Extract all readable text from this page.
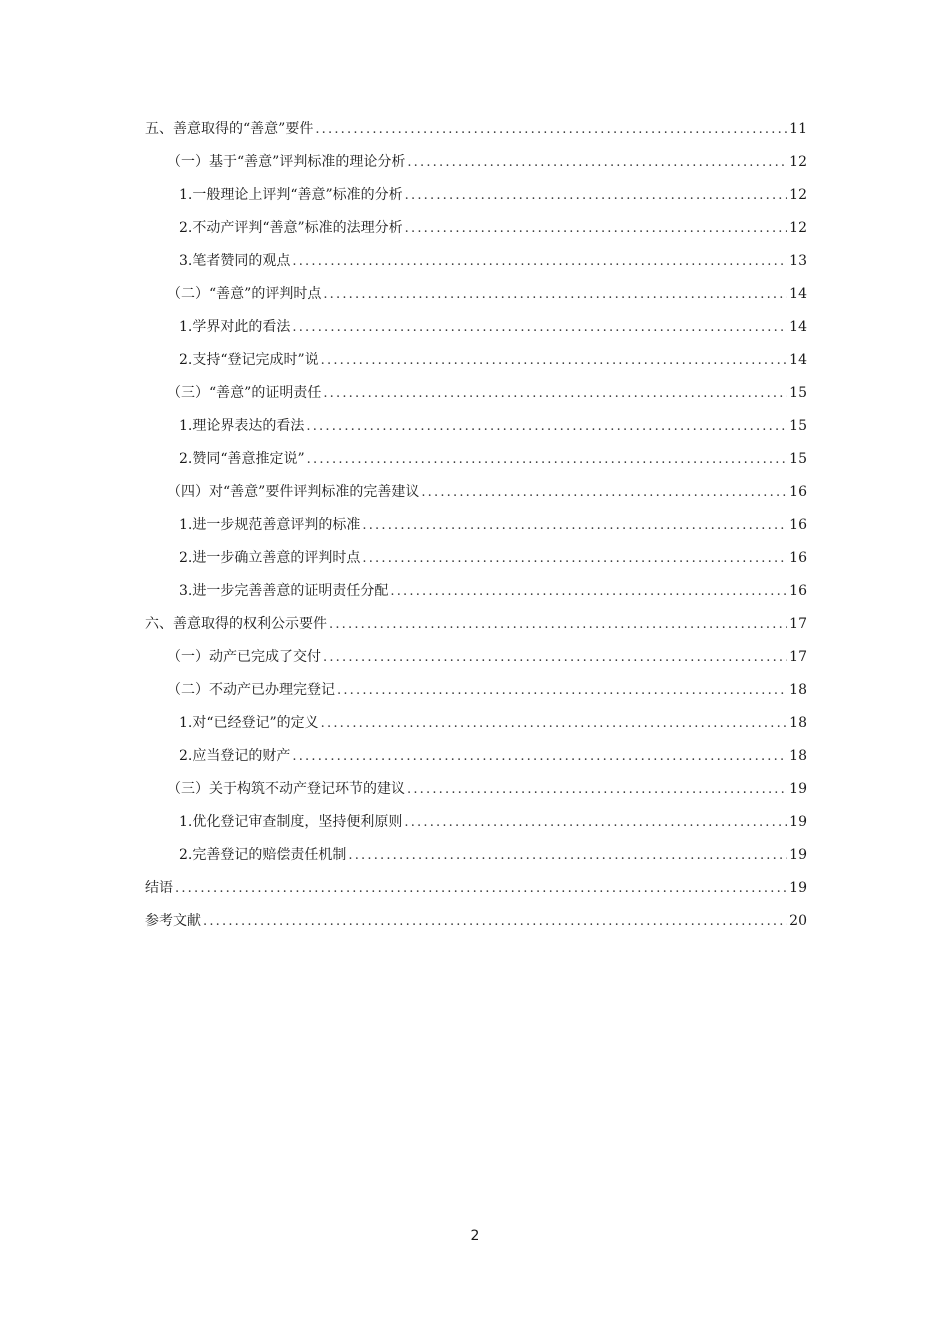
五、善意取得的“善意”要件 .....	11
（一）基于“善意”评判标准的理论分析 .....	12
1.一般理论上评判“善意”标准的分析 .....	12
2.不动产评判“善意”标准的法理分析 .....	12
3.笔者赞同的观点 .....	13
（二）“善意”的评判时点 .....	14
1.学界对此的看法 .....	14
2.支持“登记完成时”说 .....	14
（三）“善意”的证明责任 .....	15
1.理论界表达的看法 .....	15
2.赞同“善意推定说” .....	15
（四）对“善意”要件评判标准的完善建议 .....	16
1.进一步规范善意评判的标准 .....	16
2.进一步确立善意的评判时点 .....	16
3.进一步完善善意的证明责任分配 .....	16
六、善意取得的权利公示要件 .....	17
（一）动产已完成了交付 .....	17
（二）不动产已办理完登记 .....	18
1.对“已经登记”的定义 .....	18
2.应当登记的财产 .....	18
（三）关于构筑不动产登记环节的建议 .....	19
1.优化登记审查制度，坚持便利原则 .....	19
2.完善登记的赔偿责任机制 .....	19
结语 .....	19
参考文献 .....	20
2
